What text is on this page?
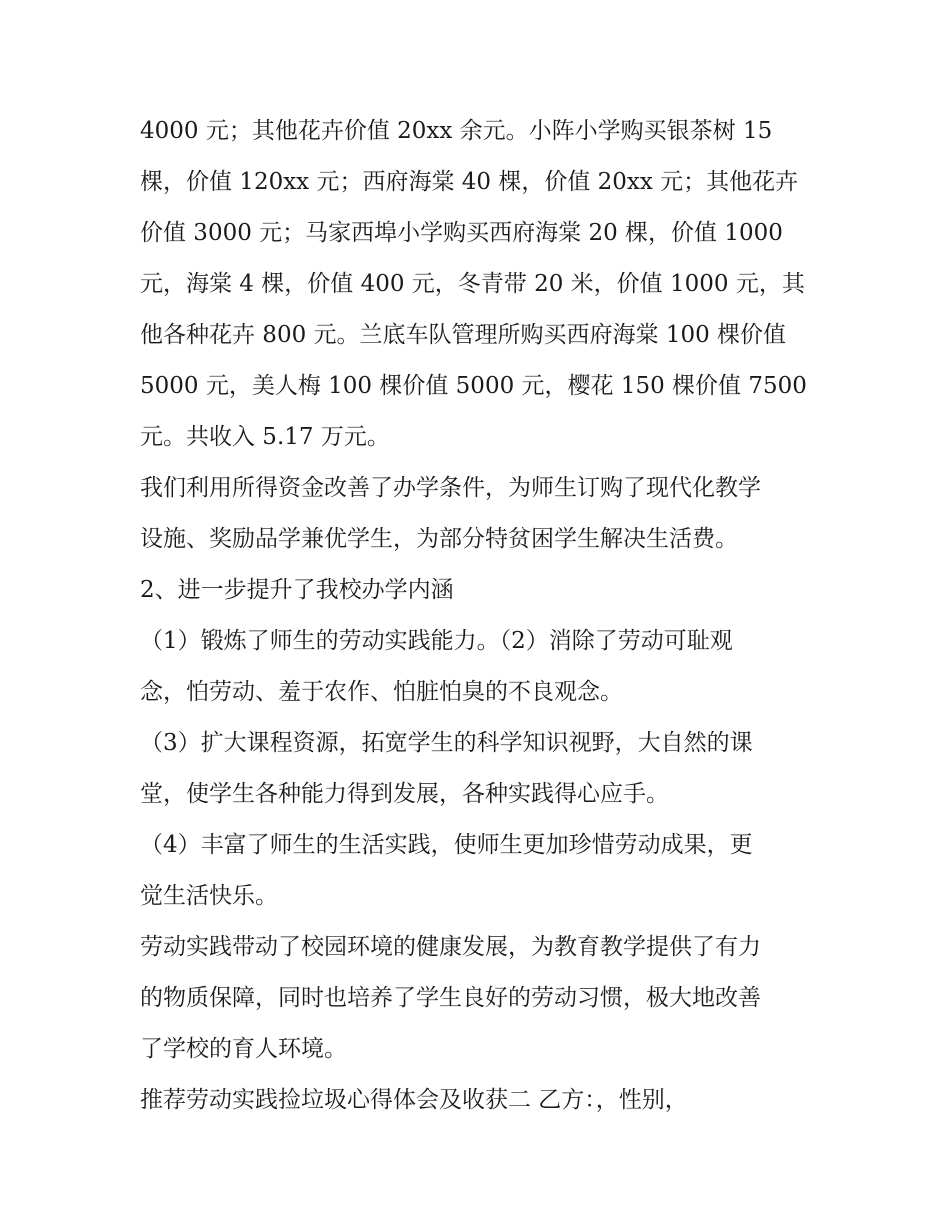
4000 元；其他花卉价值 20xx 余元。小阵小学购买银茶树 15
棵，价值 120xx 元；西府海棠 40 棵，价值 20xx 元；其他花卉
价值 3000 元；马家西埠小学购买西府海棠 20 棵，价值 1000
元，海棠 4 棵，价值 400 元，冬青带 20 米，价值 1000 元，其
他各种花卉 800 元。兰底车队管理所购买西府海棠 100 棵价值
5000 元，美人梅 100 棵价值 5000 元，樱花 150 棵价值 7500
元。共收入 5.17 万元。
我们利用所得资金改善了办学条件，为师生订购了现代化教学
设施、奖励品学兼优学生，为部分特贫困学生解决生活费。
2、进一步提升了我校办学内涵
（1）锻炼了师生的劳动实践能力。（2）消除了劳动可耻观
念，怕劳动、羞于农作、怕脏怕臭的不良观念。
（3）扩大课程资源，拓宽学生的科学知识视野，大自然的课
堂，使学生各种能力得到发展，各种实践得心应手。
（4）丰富了师生的生活实践，使师生更加珍惜劳动成果，更
觉生活快乐。
劳动实践带动了校园环境的健康发展，为教育教学提供了有力
的物质保障，同时也培养了学生良好的劳动习惯，极大地改善
了学校的育人环境。
推荐劳动实践捡垃圾心得体会及收获二 乙方：，性别，
